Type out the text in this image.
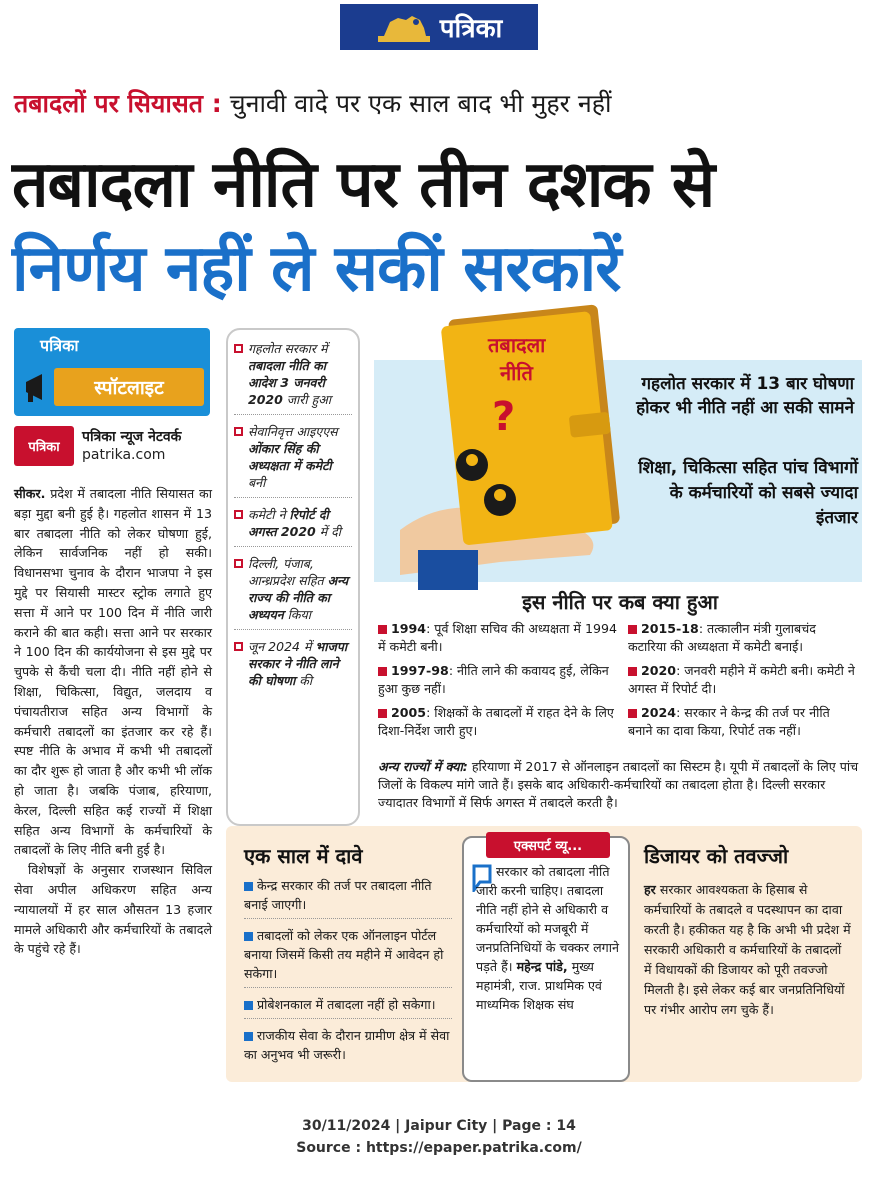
पत्रिका
तबादलों पर सियासत : चुनावी वादे पर एक साल बाद भी मुहर नहीं
तबादला नीति पर तीन दशक से
निर्णय नहीं ले सकीं सरकारें
पत्रिका
स्पॉटलाइट
पत्रिका
पत्रिका न्यूज नेटवर्क
patrika.com

सीकर. प्रदेश में तबादला नीति सियासत का बड़ा मुद्दा बनी हुई है। गहलोत शासन में 13 बार तबादला नीति को लेकर घोषणा हुई, लेकिन सार्वजनिक नहीं हो सकी। विधानसभा चुनाव के दौरान भाजपा ने इस मुद्दे पर सियासी मास्टर स्ट्रोक लगाते हुए सत्ता में आने पर 100 दिन में नीति जारी कराने की बात कही। सत्ता आने पर सरकार ने 100 दिन की कार्ययोजना से इस मुद्दे पर चुपके से कैंची चला दी। नीति नहीं होने से शिक्षा, चिकित्सा, विद्युत, जलदाय व पंचायतीराज सहित अन्य विभागों के कर्मचारी तबादलों का इंतजार कर रहे हैं। स्पष्ट नीति के अभाव में कभी भी तबादलों का दौर शुरू हो जाता है और कभी भी लॉक हो जाता है। जबकि पंजाब, हरियाणा, केरल, दिल्ली सहित कई राज्यों में शिक्षा सहित अन्य विभागों के कर्मचारियों के तबादलों के लिए नीति बनी हुई है।

विशेषज्ञों के अनुसार राजस्थान सिविल सेवा अपील अधिकरण सहित अन्य न्यायालयों में हर साल औसतन 13 हजार मामले अधिकारी और कर्मचारियों के तबादले के पहुंचे रहे हैं।

गहलोत सरकार में तबादला नीति का आदेश 3 जनवरी 2020 जारी हुआ
सेवानिवृत्त आइएएस ओंकार सिंह की अध्यक्षता में कमेटी बनी
कमेटी ने रिपोर्ट दी अगस्त 2020 में दी
दिल्ली, पंजाब, आन्ध्रप्रदेश सहित अन्य राज्य की नीति का अध्ययन किया
जून 2024 में भाजपा सरकार ने नीति लाने की घोषणा की
तबादला
नीति
?
गहलोत सरकार में 13 बार घोषणा होकर भी नीति नहीं आ सकी सामने
शिक्षा, चिकित्सा सहित पांच विभागों के कर्मचारियों को सबसे ज्यादा इंतजार
इस नीति पर कब क्या हुआ
1994: पूर्व शिक्षा सचिव की अध्यक्षता में 1994 में कमेटी बनी।
2015-18: तत्कालीन मंत्री गुलाबचंद कटारिया की अध्यक्षता में कमेटी बनाई।
1997-98: नीति लाने की कवायद हुई, लेकिन हुआ कुछ नहीं।
2020: जनवरी महीने में कमेटी बनी। कमेटी ने अगस्त में रिपोर्ट दी।
2005: शिक्षकों के तबादलों में राहत देने के लिए दिशा-निर्देश जारी हुए।
2024: सरकार ने केन्द्र की तर्ज पर नीति बनाने का दावा किया, रिपोर्ट तक नहीं।
अन्य राज्यों में क्या: हरियाणा में 2017 से ऑनलाइन तबादलों का सिस्टम है। यूपी में तबादलों के लिए पांच जिलों के विकल्प मांगे जाते हैं। इसके बाद अधिकारी-कर्मचारियों का तबादला होता है। दिल्ली सरकार ज्यादातर विभागों में सिर्फ अगस्त में तबादले करती है।
एक साल में दावे
केन्द्र सरकार की तर्ज पर तबादला नीति बनाई जाएगी।
तबादलों को लेकर एक ऑनलाइन पोर्टल बनाया जिसमें किसी तय महीने में आवेदन हो सकेगा।
प्रोबेशनकाल में तबादला नहीं हो सकेगा।
राजकीय सेवा के दौरान ग्रामीण क्षेत्र में सेवा का अनुभव भी जरूरी।
एक्सपर्ट व्यू...
सरकार को तबादला नीति जारी करनी चाहिए। तबादला नीति नहीं होने से अधिकारी व कर्मचारियों को मजबूरी में जनप्रतिनिधियों के चक्कर लगाने पड़ते हैं। महेन्द्र पांडे, मुख्य महामंत्री, राज. प्राथमिक एवं माध्यमिक शिक्षक संघ
डिजायर को तवज्जो
हर सरकार आवश्यकता के हिसाब से कर्मचारियों के तबादले व पदस्थापन का दावा करती है। हकीकत यह है कि अभी भी प्रदेश में सरकारी अधिकारी व कर्मचारियों के तबादलों में विधायकों की डिजायर को पूरी तवज्जो मिलती है। इसे लेकर कई बार जनप्रतिनिधियों पर गंभीर आरोप लग चुके हैं।
30/11/2024 | Jaipur City | Page : 14
Source : https://epaper.patrika.com/
